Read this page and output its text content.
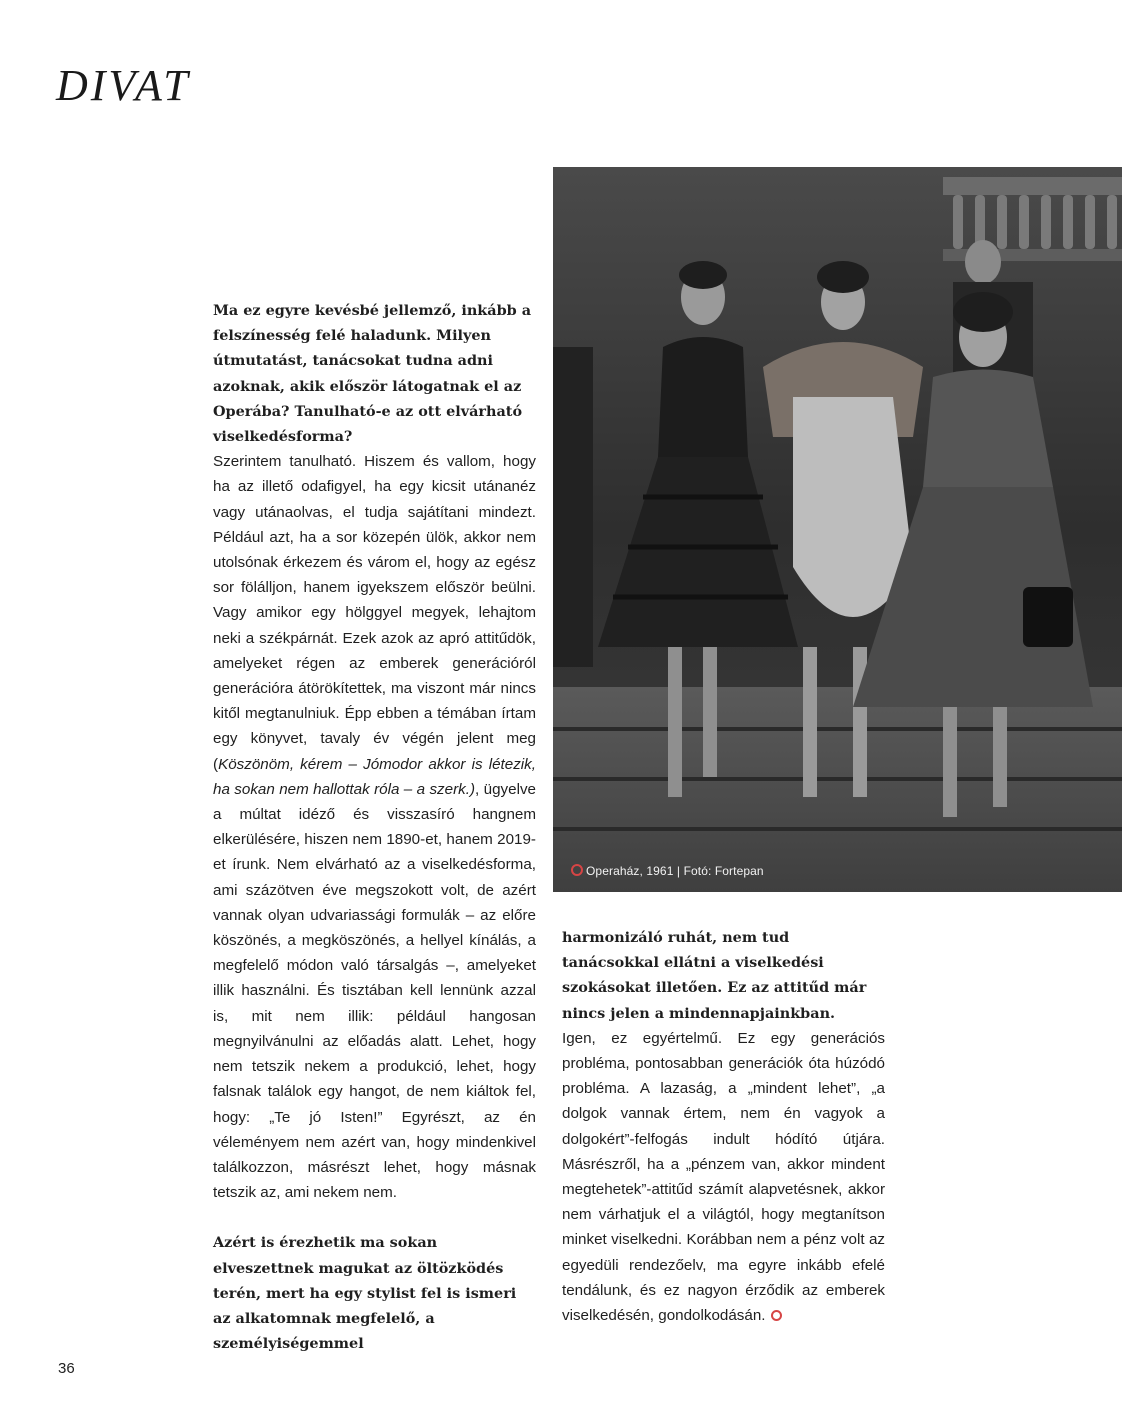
DIVAT

Ma ez egyre kevésbé jellemző, inkább a felszínesség felé haladunk. Milyen útmutatást, tanácsokat tudna adni azoknak, akik először látogatnak el az Operába? Tanulható-e az ott elvárható viselkedésforma?

Szerintem tanulható. Hiszem és vallom, hogy ha az illető odafigyel, ha egy kicsit utánanéz vagy utánaolvas, el tudja sajátítani mindezt. Például azt, ha a sor közepén ülök, akkor nem utolsónak érkezem és várom el, hogy az egész sor fölálljon, hanem igyekszem először beülni. Vagy amikor egy hölggyel megyek, lehajtom neki a székpárnát. Ezek azok az apró attitűdök, amelyeket régen az emberek generációról generációra átörökítettek, ma viszont már nincs kitől megtanulniuk. Épp ebben a témában írtam egy könyvet, tavaly év végén jelent meg (Köszönöm, kérem – Jómodor akkor is létezik, ha sokan nem hallottak róla – a szerk.), ügyelve a múltat idéző és visszasíró hangnem elkerülésére, hiszen nem 1890-et, hanem 2019-et írunk. Nem elvárható az a viselkedésforma, ami százötven éve megszokott volt, de azért vannak olyan udvariassági formulák – az előre köszönés, a megköszönés, a hellyel kínálás, a megfelelő módon való társalgás –, amelyeket illik használni. És tisztában kell lennünk azzal is, mit nem illik: például hangosan megnyilvánulni az előadás alatt. Lehet, hogy nem tetszik nekem a produkció, lehet, hogy falsnak találok egy hangot, de nem kiáltok fel, hogy: „Te jó Isten!” Egyrészt, az én véleményem nem azért van, hogy mindenkivel találkozzon, másrészt lehet, hogy másnak tetszik az, ami nekem nem.

Azért is érezhetik ma sokan elveszettnek magukat az öltözködés terén, mert ha egy stylist fel is ismeri az alkatomnak megfelelő, a személyiségemmel

Operaház, 1961 | Fotó: Fortepan

harmonizáló ruhát, nem tud tanácsokkal ellátni a viselkedési szokásokat illetően. Ez az attitűd már nincs jelen a mindennapjainkban.

Igen, ez egyértelmű. Ez egy generációs probléma, pontosabban generációk óta húzódó probléma. A lazaság, a „mindent lehet”, „a dolgok vannak értem, nem én vagyok a dolgokért”-felfogás indult hódító útjára. Másrészről, ha a „pénzem van, akkor mindent megtehetek”-attitűd számít alapvetésnek, akkor nem várhatjuk el a világtól, hogy megtanítson minket viselkedni. Korábban nem a pénz volt az egyedüli rendezőelv, ma egyre inkább efelé tendálunk, és ez nagyon érződik az emberek viselkedésén, gondolkodásán.

36
